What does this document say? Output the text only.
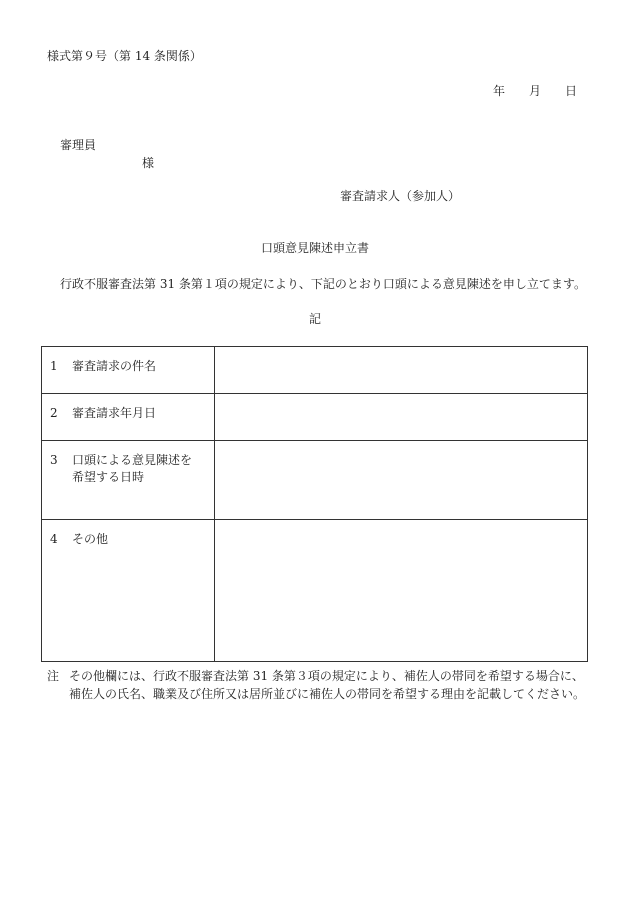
様式第９号（第 14 条関係）
年 月 日
審理員
様
審査請求人（参加人）
口頭意見陳述申立書
行政不服審査法第 31 条第１項の規定により、下記のとおり口頭による意見陳述を申し立てます。
記
1 審査請求の件名	

2 審査請求年月日	

3 口頭による意見陳述を希望する日時	

4 その他	

注 その他欄には、行政不服審査法第 31 条第３項の規定により、補佐人の帯同を希望する場合に、補佐人の氏名、職業及び住所又は居所並びに補佐人の帯同を希望する理由を記載してください。
